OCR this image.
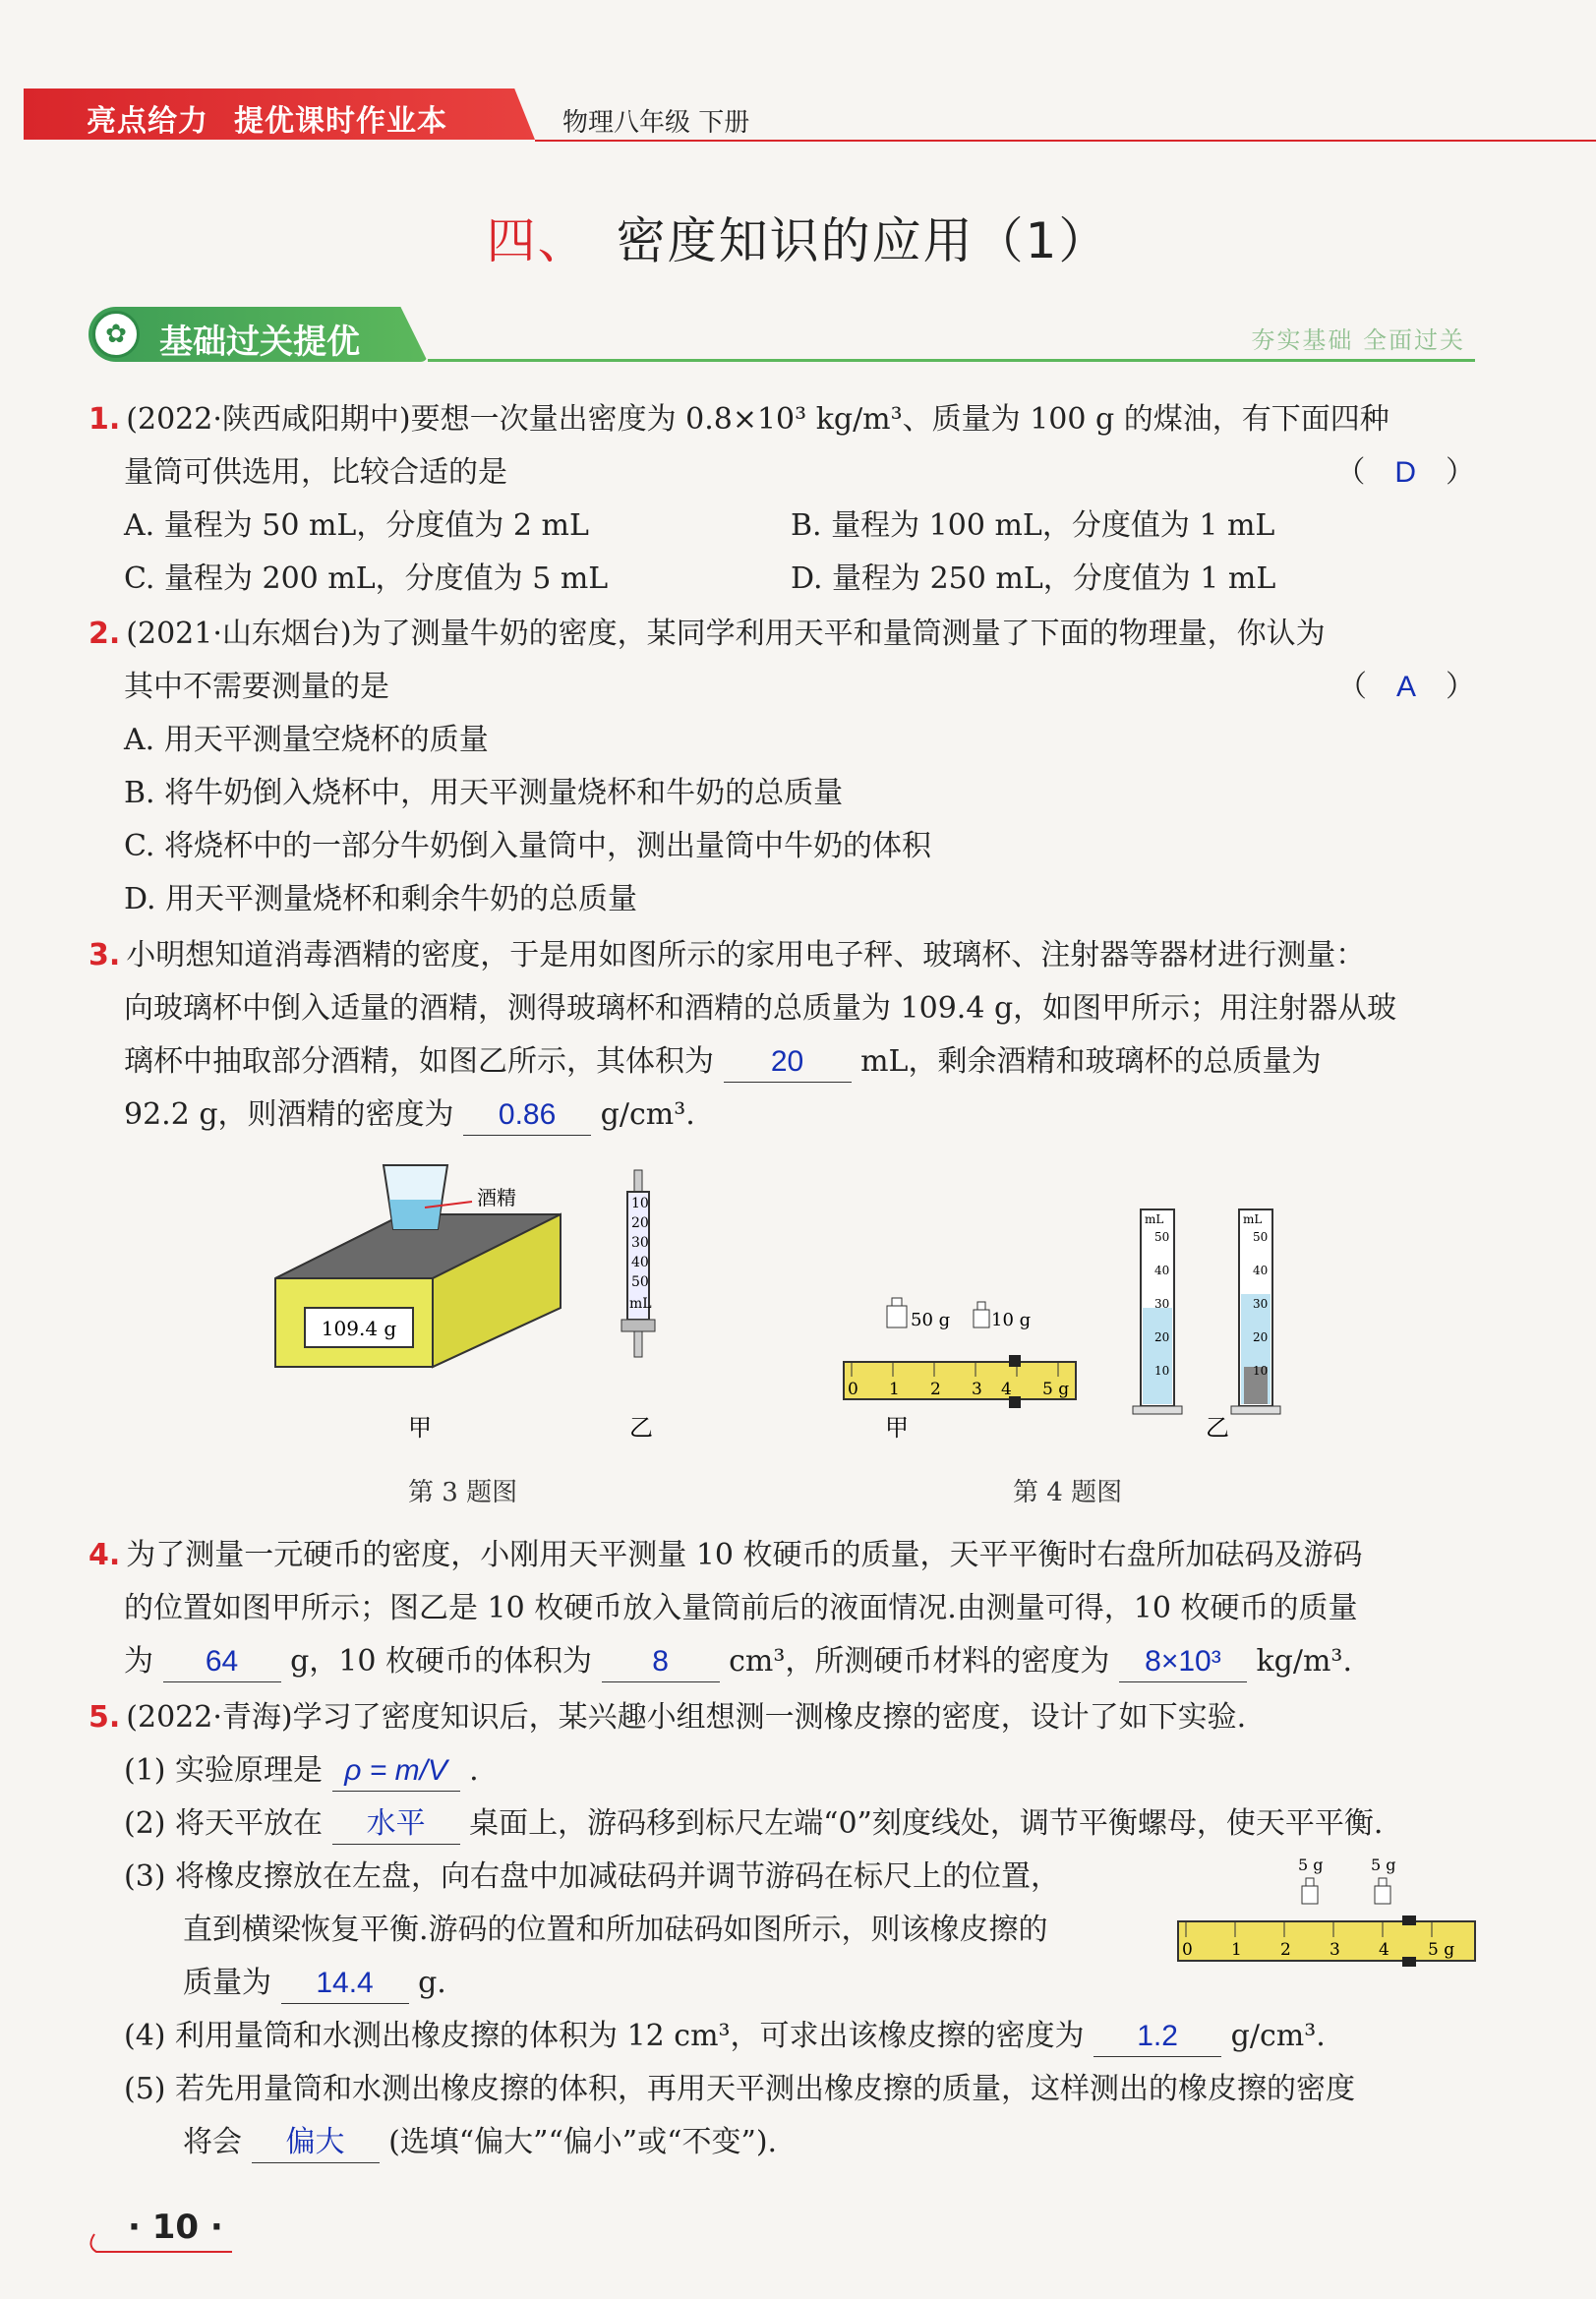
亮点给力 提优课时作业本	物理八年级 下册
四、 密度知识的应用（1）
✿ 基础过关提优	夯实基础 全面过关
1. (2022·陕西咸阳期中)要想一次量出密度为 0.8×10³ kg/m³、质量为 100 g 的煤油，有下面四种
量筒可供选用，比较合适的是	（　D　）
A. 量程为 50 mL，分度值为 2 mL	B. 量程为 100 mL，分度值为 1 mL
C. 量程为 200 mL，分度值为 5 mL	D. 量程为 250 mL，分度值为 1 mL
2. (2021·山东烟台)为了测量牛奶的密度，某同学利用天平和量筒测量了下面的物理量，你认为
其中不需要测量的是	（　A　）
A. 用天平测量空烧杯的质量
B. 将牛奶倒入烧杯中，用天平测量烧杯和牛奶的总质量
C. 将烧杯中的一部分牛奶倒入量筒中，测出量筒中牛奶的体积
D. 用天平测量烧杯和剩余牛奶的总质量
3. 小明想知道消毒酒精的密度，于是用如图所示的家用电子秤、玻璃杯、注射器等器材进行测量：
向玻璃杯中倒入适量的酒精，测得玻璃杯和酒精的总质量为 109.4 g，如图甲所示；用注射器从玻
璃杯中抽取部分酒精，如图乙所示，其体积为 20 mL，剩余酒精和玻璃杯的总质量为
92.2 g，则酒精的密度为 0.86 g/cm³.
109.4 g
酒精	10
20
30
40
50
mL
甲	乙
第 3 题图
50 g 10 g
0 1 2 3 4 5 g
甲
mL
50
40
30
20
10
mL
50
40
30
20
10
乙
第 4 题图
4. 为了测量一元硬币的密度，小刚用天平测量 10 枚硬币的质量，天平平衡时右盘所加砝码及游码
的位置如图甲所示；图乙是 10 枚硬币放入量筒前后的液面情况.由测量可得，10 枚硬币的质量
为 64 g，10 枚硬币的体积为 8 cm³，所测硬币材料的密度为 8×10³ kg/m³.
5. (2022·青海)学习了密度知识后，某兴趣小组想测一测橡皮擦的密度，设计了如下实验.
(1) 实验原理是 ρ = m/V .
(2) 将天平放在 水平 桌面上，游码移到标尺左端“0”刻度线处，调节平衡螺母，使天平平衡.
(3) 将橡皮擦放在左盘，向右盘中加减砝码并调节游码在标尺上的位置，
直到横梁恢复平衡.游码的位置和所加砝码如图所示，则该橡皮擦的
质量为 14.4 g.
(4) 利用量筒和水测出橡皮擦的体积为 12 cm³，可求出该橡皮擦的密度为 1.2 g/cm³.
(5) 若先用量筒和水测出橡皮擦的体积，再用天平测出橡皮擦的质量，这样测出的橡皮擦的密度
将会 偏大 (选填“偏大”“偏小”或“不变”).
5 g	5 g
0 1 2 3 4 5 g
· 10 ·
